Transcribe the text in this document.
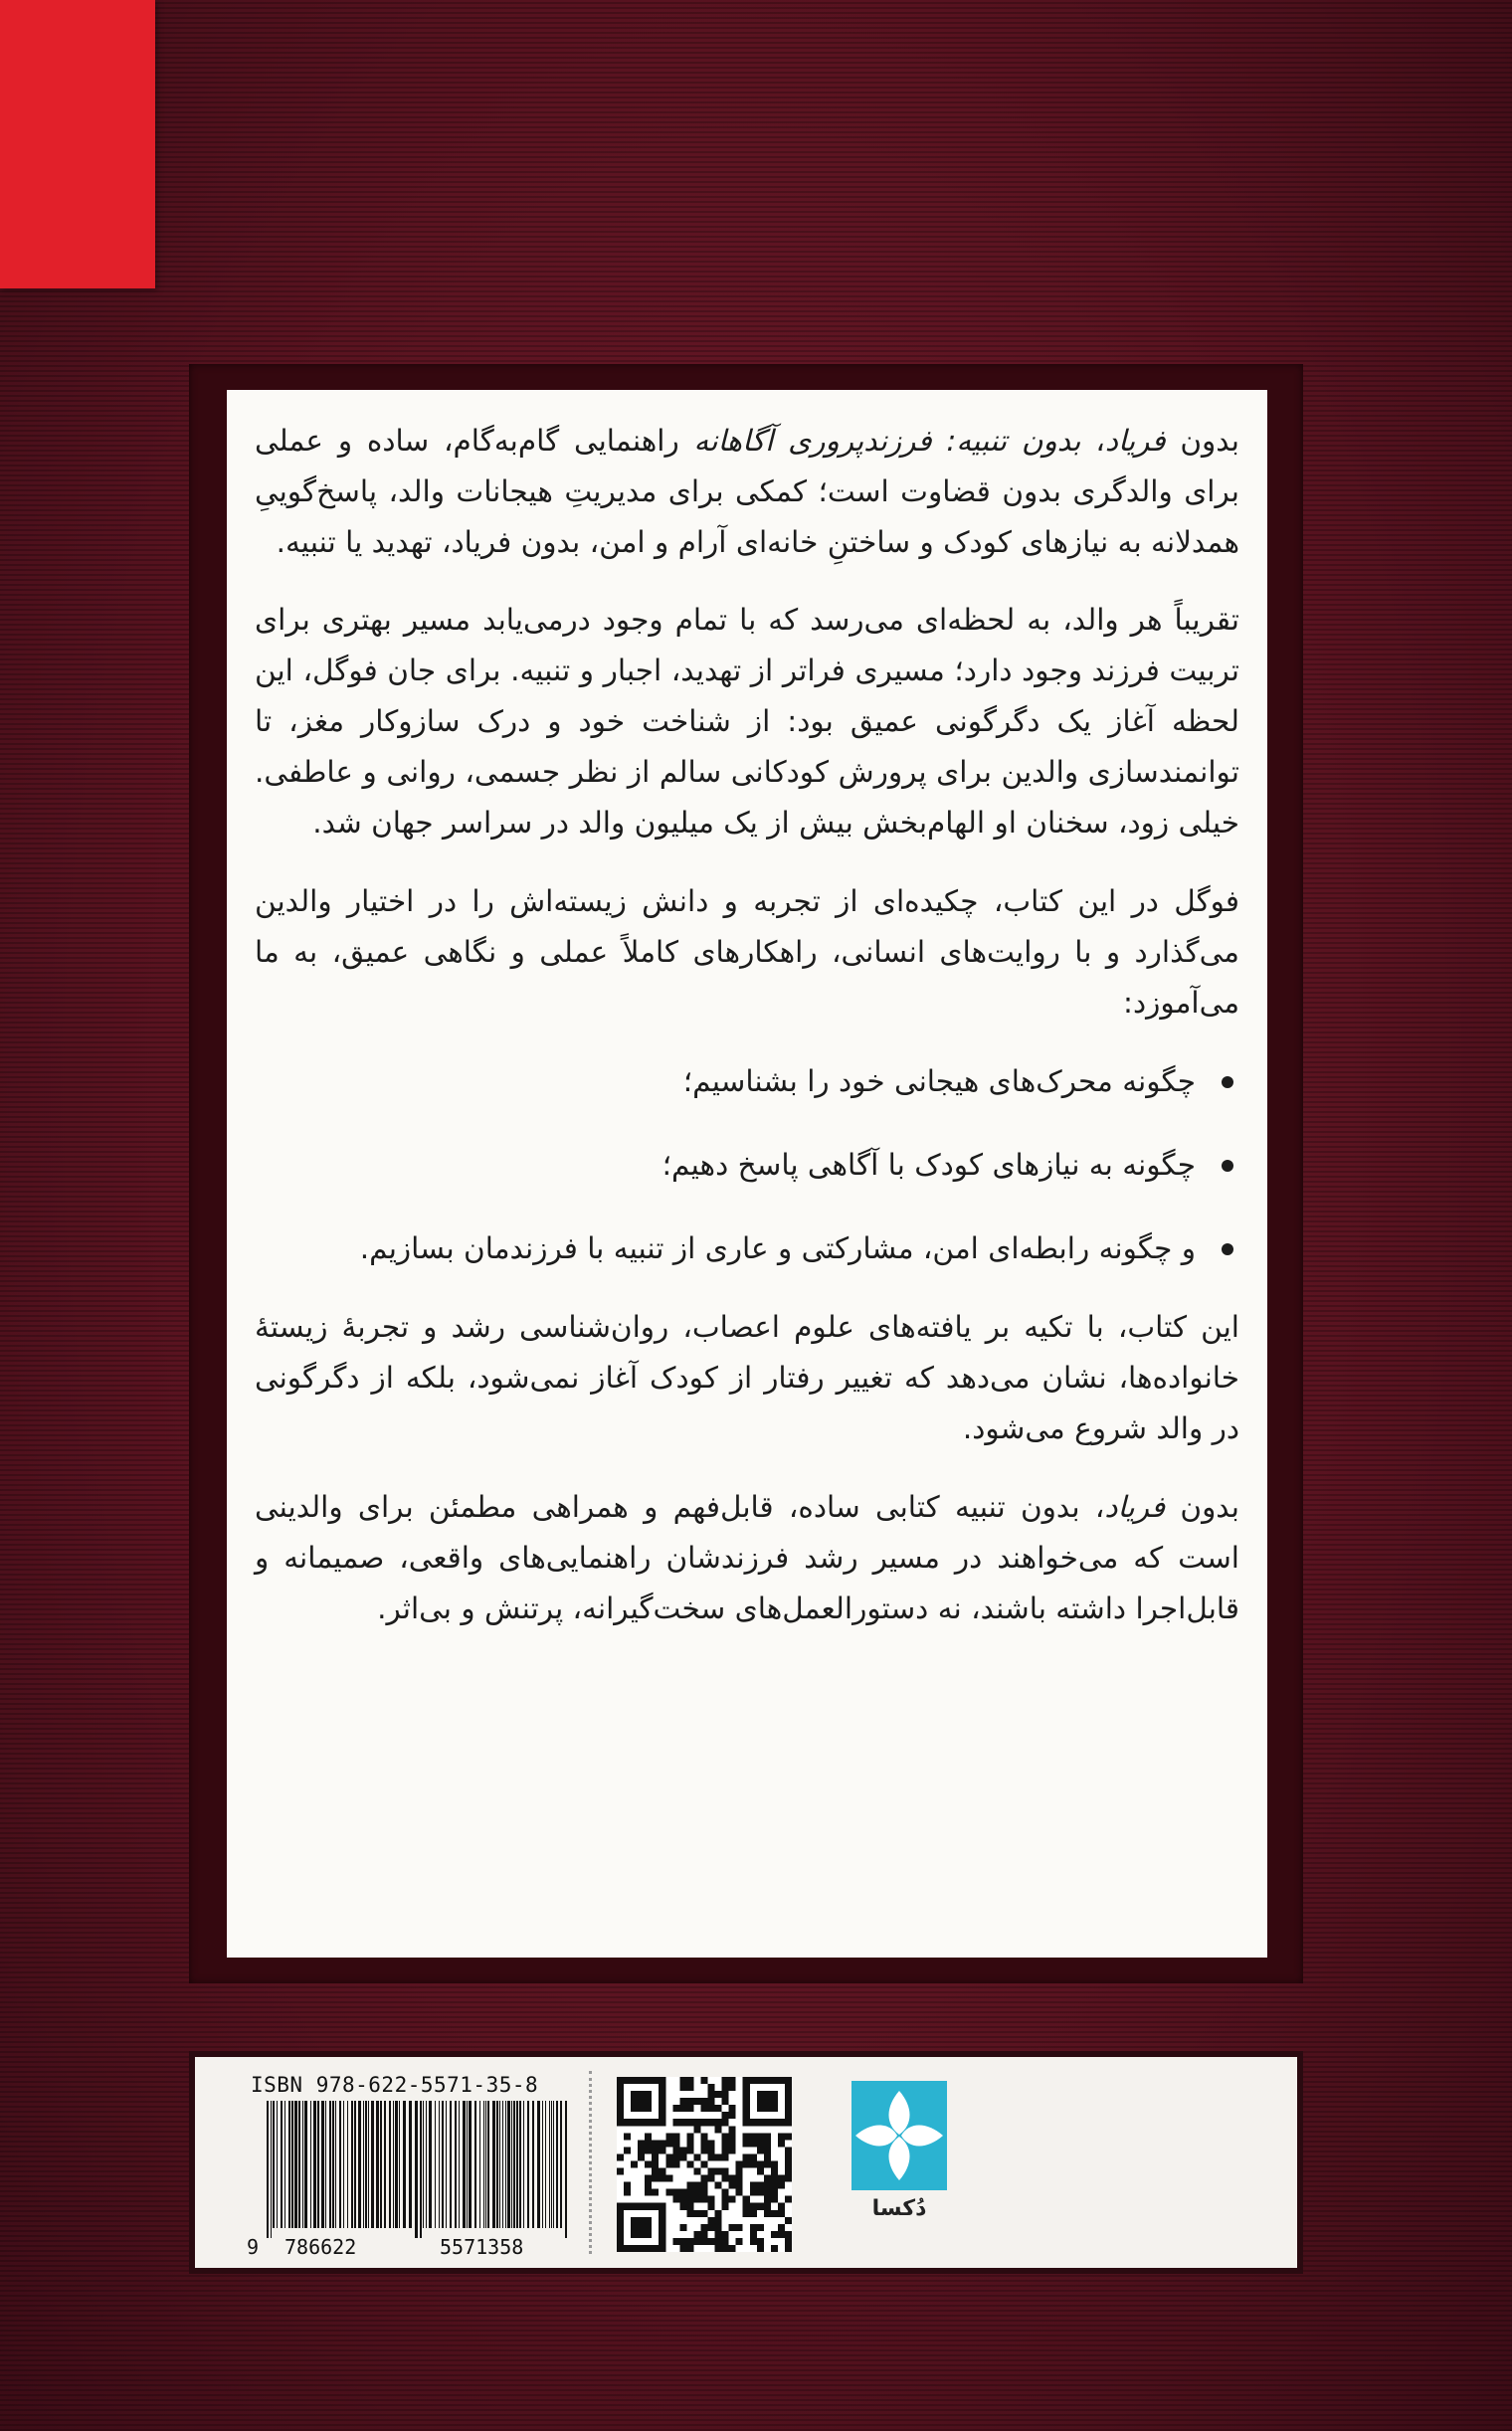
بدون فریاد، بدون تنبیه: فرزندپروری آگاهانه راهنمایی گام‌به‌گام، ساده و عملی برای والدگری بدون قضاوت است؛ کمکی برای مدیریتِ هیجانات والد، پاسخ‌گوییِ همدلانه به نیازهای کودک و ساختنِ خانه‌ای آرام و امن، بدون فریاد، تهدید یا تنبیه.

تقریباً هر والد، به لحظه‌ای می‌رسد که با تمام وجود درمی‌یابد مسیر بهتری برای تربیت فرزند وجود دارد؛ مسیری فراتر از تهدید، اجبار و تنبیه. برای جان فوگل، این لحظه آغاز یک دگرگونی عمیق بود: از شناخت خود و درک سازوکار مغز، تا توانمندسازی والدین برای پرورش کودکانی سالم از نظر جسمی، روانی و عاطفی. خیلی زود، سخنان او الهام‌بخش بیش از یک میلیون والد در سراسر جهان شد.

فوگل در این کتاب، چکیده‌ای از تجربه و دانش زیسته‌اش را در اختیار والدین می‌گذارد و با روایت‌های انسانی، راهکارهای کاملاً عملی و نگاهی عمیق، به ما می‌آموزد:

چگونه محرک‌های هیجانی خود را بشناسیم؛
چگونه به نیازهای کودک با آگاهی پاسخ دهیم؛
و چگونه رابطه‌ای امن، مشارکتی و عاری از تنبیه با فرزندمان بسازیم.

این کتاب، با تکیه بر یافته‌های علوم اعصاب، روان‌شناسی رشد و تجربهٔ زیستهٔ خانواده‌ها، نشان می‌دهد که تغییر رفتار از کودک آغاز نمی‌شود، بلکه از دگرگونی در والد شروع می‌شود.

بدون فریاد، بدون تنبیه کتابی ساده، قابل‌فهم و همراهی مطمئن برای والدینی است که می‌خواهند در مسیر رشد فرزندشان راهنمایی‌های واقعی، صمیمانه و قابل‌اجرا داشته باشند، نه دستورالعمل‌های سخت‌گیرانه، پرتنش و بی‌اثر.

ISBN 978-622-5571-35-8
9 786622	5571358
دُکسا
